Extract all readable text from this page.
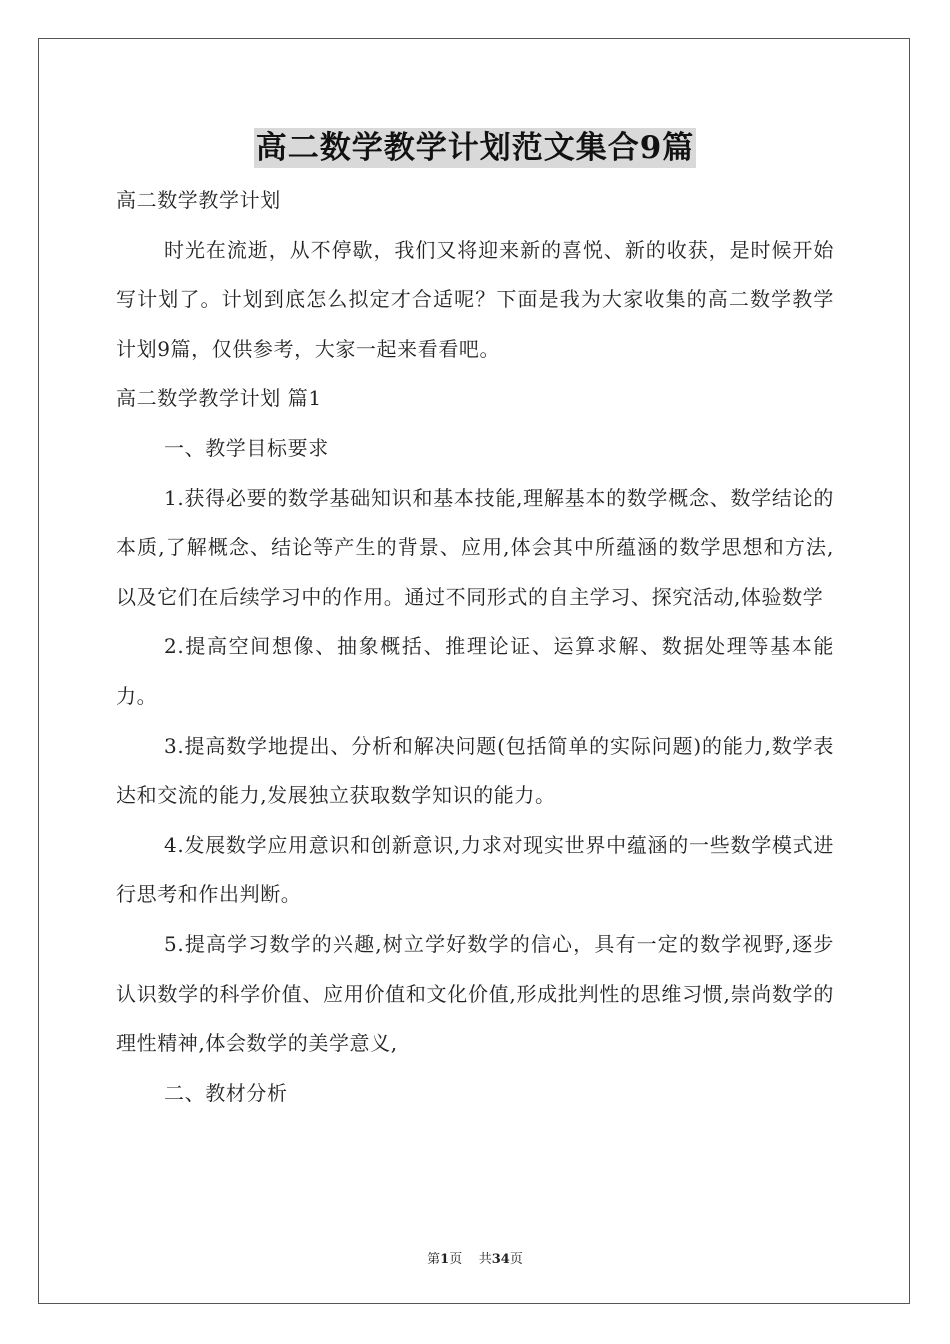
高二数学教学计划范文集合9篇
高二数学教学计划

时光在流逝，从不停歇，我们又将迎来新的喜悦、新的收获，是时候开始写计划了。计划到底怎么拟定才合适呢？下面是我为大家收集的高二数学教学计划9篇，仅供参考，大家一起来看看吧。

高二数学教学计划 篇1

一、教学目标要求

1.获得必要的数学基础知识和基本技能,理解基本的数学概念、数学结论的本质,了解概念、结论等产生的背景、应用,体会其中所蕴涵的数学思想和方法,以及它们在后续学习中的作用。通过不同形式的自主学习、探究活动,体验数学

2.提高空间想像、抽象概括、推理论证、运算求解、数据处理等基本能力。

3.提高数学地提出、分析和解决问题(包括简单的实际问题)的能力,数学表达和交流的能力,发展独立获取数学知识的能力。

4.发展数学应用意识和创新意识,力求对现实世界中蕴涵的一些数学模式进行思考和作出判断。

5.提高学习数学的兴趣,树立学好数学的信心，具有一定的数学视野,逐步认识数学的科学价值、应用价值和文化价值,形成批判性的思维习惯,崇尚数学的理性精神,体会数学的美学意义,

二、教材分析

第1页    共34页
